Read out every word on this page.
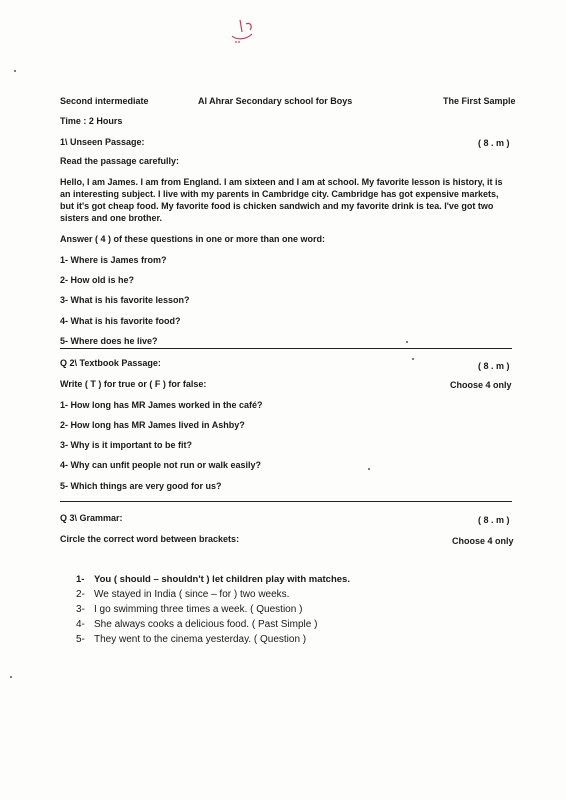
Second intermediate	Al Ahrar Secondary school for Boys	The First Sample
Time : 2 Hours
1\ Unseen Passage:	( 8 . m )
Read the passage carefully:
Hello, I am James. I am from England. I am sixteen and I am at school. My favorite lesson is history, it is an interesting subject. I live with my parents in Cambridge city. Cambridge has got expensive markets, but it's got cheap food. My favorite food is chicken sandwich and my favorite drink is tea. I've got two sisters and one brother.
Answer ( 4 ) of these questions in one or more than one word:
1- Where is James from?
2- How old is he?
3- What is his favorite lesson?
4- What is his favorite food?
5- Where does he live?
Q 2\ Textbook Passage:	( 8 . m )
Write ( T ) for true or ( F ) for false:	Choose 4 only
1- How long has MR James worked in the café?
2- How long has MR James lived in Ashby?
3- Why is it important to be fit?
4- Why can unfit people not run or walk easily?
5- Which things are very good for us?
Q 3\ Grammar:	( 8 . m )
Circle the correct word between brackets:	Choose 4 only
1-	You ( should – shouldn't ) let children play with matches.
2- We stayed in India ( since – for ) two weeks.
3- I go swimming three times a week. ( Question )
4- She always cooks a delicious food. ( Past Simple )
5- They went to the cinema yesterday. ( Question )
